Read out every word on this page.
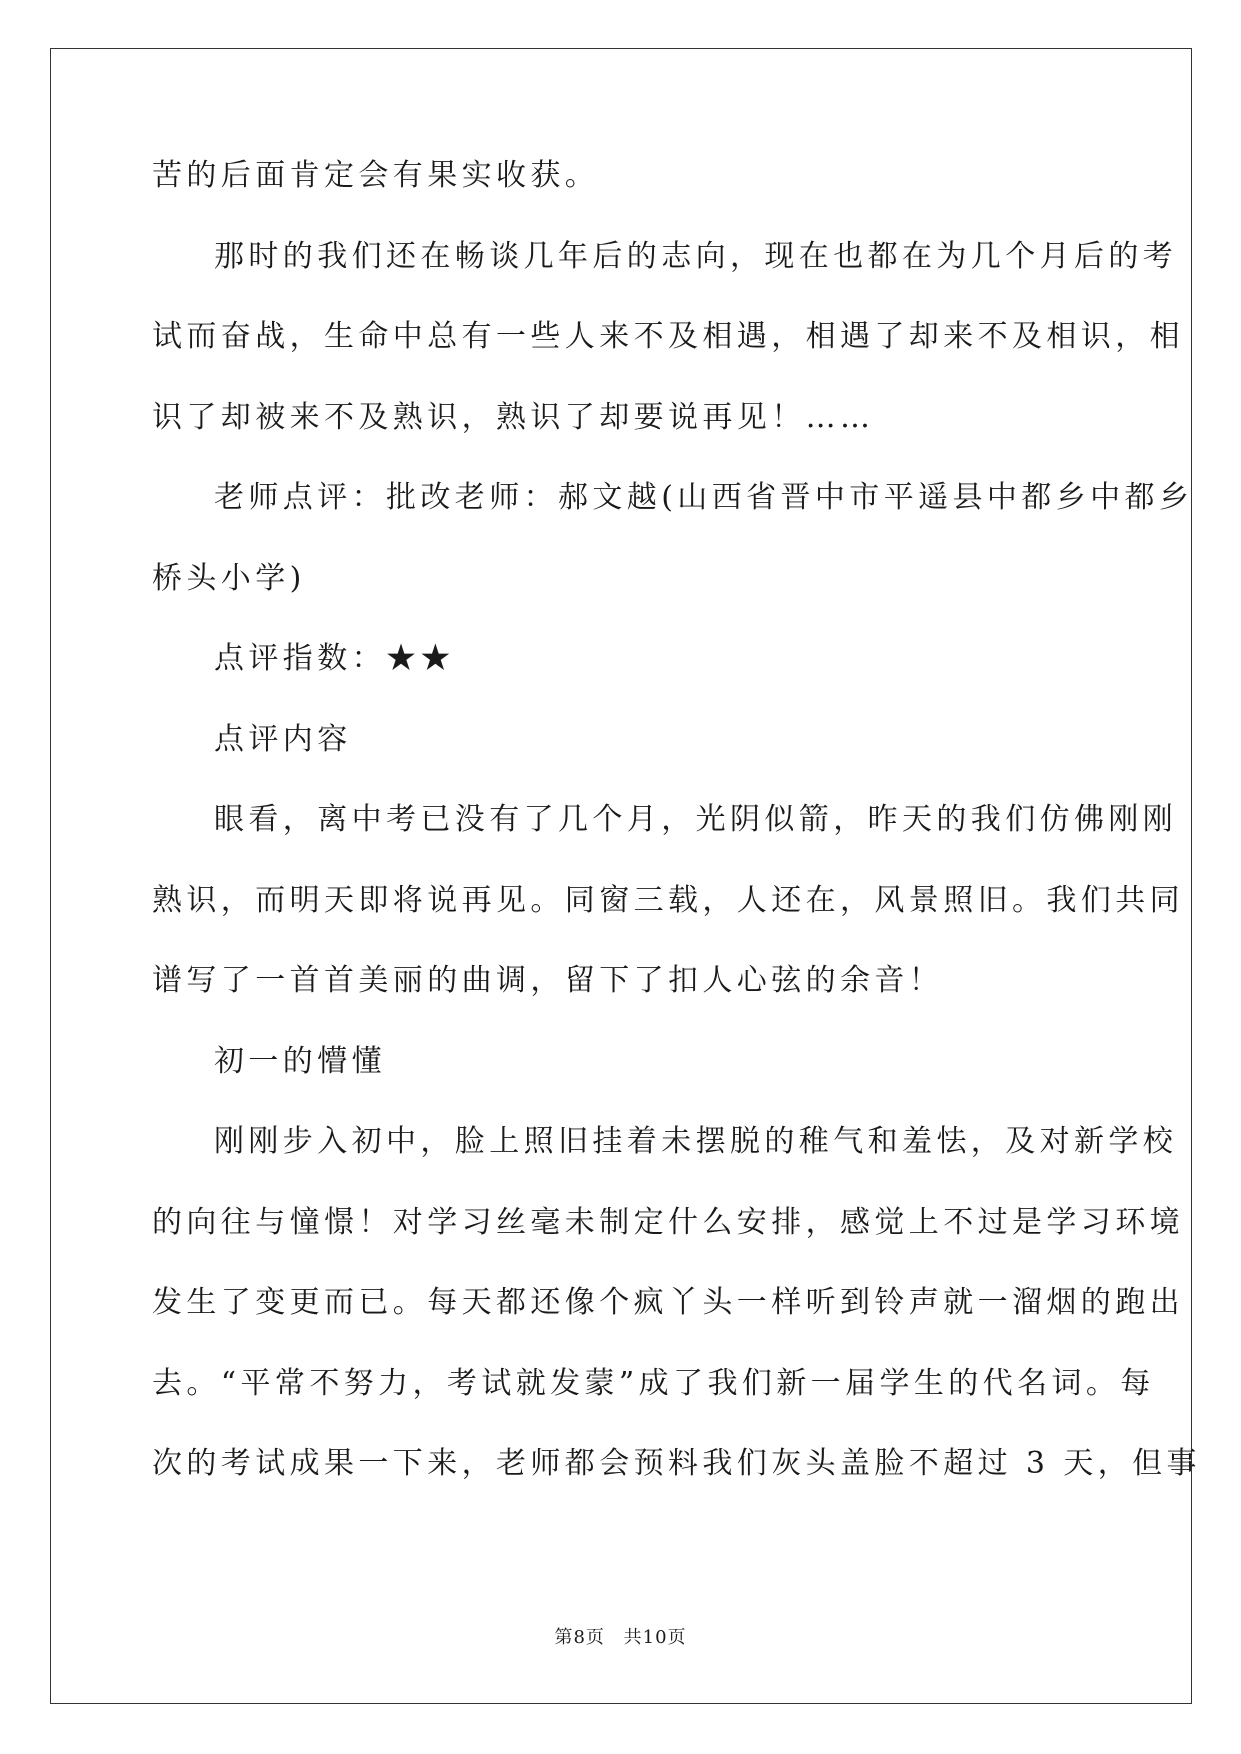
苦的后面肯定会有果实收获。
那时的我们还在畅谈几年后的志向，现在也都在为几个月后的考
试而奋战，生命中总有一些人来不及相遇，相遇了却来不及相识，相
识了却被来不及熟识，熟识了却要说再见！……
老师点评：批改老师：郝文越(山西省晋中市平遥县中都乡中都乡
桥头小学)
点评指数：★★
点评内容
眼看，离中考已没有了几个月，光阴似箭，昨天的我们仿佛刚刚
熟识，而明天即将说再见。同窗三载，人还在，风景照旧。我们共同
谱写了一首首美丽的曲调，留下了扣人心弦的余音！
初一的懵懂
刚刚步入初中，脸上照旧挂着未摆脱的稚气和羞怯，及对新学校
的向往与憧憬！对学习丝毫未制定什么安排，感觉上不过是学习环境
发生了变更而已。每天都还像个疯丫头一样听到铃声就一溜烟的跑出
去。“平常不努力，考试就发蒙”成了我们新一届学生的代名词。每
次的考试成果一下来，老师都会预料我们灰头盖脸不超过 3 天，但事
第8页 共10页
